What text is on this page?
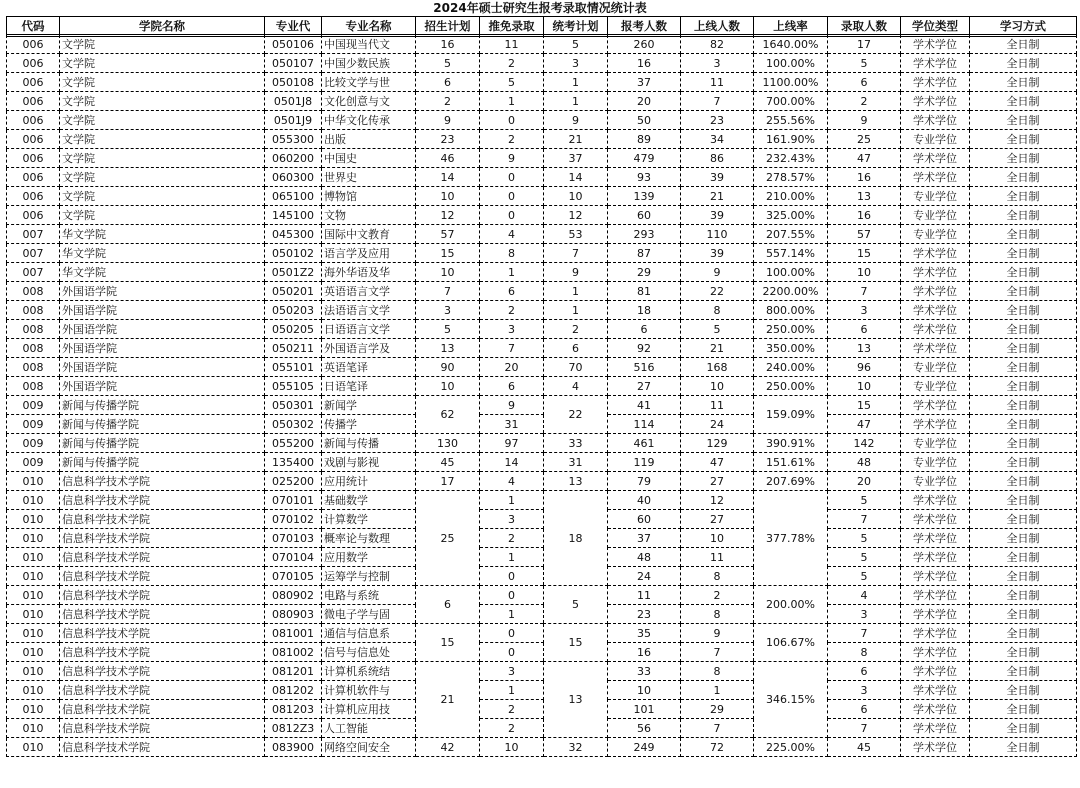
2024年硕士研究生报考录取情况统计表
代码	学院名称	专业代	专业名称	招生计划	推免录取	统考计划	报考人数	上线人数	上线率	录取人数	学位类型	学习方式
006	文学院	050106	中国现当代文	16	11	5	260	82	1640.00%	17	学术学位	全日制
006	文学院	050107	中国少数民族	5	2	3	16	3	100.00%	5	学术学位	全日制
006	文学院	050108	比较文学与世	6	5	1	37	11	1100.00%	6	学术学位	全日制
006	文学院	0501J8	文化创意与文	2	1	1	20	7	700.00%	2	学术学位	全日制
006	文学院	0501J9	中华文化传承	9	0	9	50	23	255.56%	9	学术学位	全日制
006	文学院	055300	出版	23	2	21	89	34	161.90%	25	专业学位	全日制
006	文学院	060200	中国史	46	9	37	479	86	232.43%	47	学术学位	全日制
006	文学院	060300	世界史	14	0	14	93	39	278.57%	16	学术学位	全日制
006	文学院	065100	博物馆	10	0	10	139	21	210.00%	13	专业学位	全日制
006	文学院	145100	文物	12	0	12	60	39	325.00%	16	专业学位	全日制
007	华文学院	045300	国际中文教育	57	4	53	293	110	207.55%	57	专业学位	全日制
007	华文学院	050102	语言学及应用	15	8	7	87	39	557.14%	15	学术学位	全日制
007	华文学院	0501Z2	海外华语及华	10	1	9	29	9	100.00%	10	学术学位	全日制
008	外国语学院	050201	英语语言文学	7	6	1	81	22	2200.00%	7	学术学位	全日制
008	外国语学院	050203	法语语言文学	3	2	1	18	8	800.00%	3	学术学位	全日制
008	外国语学院	050205	日语语言文学	5	3	2	6	5	250.00%	6	学术学位	全日制
008	外国语学院	050211	外国语言学及	13	7	6	92	21	350.00%	13	学术学位	全日制
008	外国语学院	055101	英语笔译	90	20	70	516	168	240.00%	96	专业学位	全日制
008	外国语学院	055105	日语笔译	10	6	4	27	10	250.00%	10	专业学位	全日制
009	新闻与传播学院	050301	新闻学	62	9	22	41	11	159.09%	15	学术学位	全日制
009	新闻与传播学院	050302	传播学		31		114	24		47	学术学位	全日制
009	新闻与传播学院	055200	新闻与传播	130	97	33	461	129	390.91%	142	专业学位	全日制
009	新闻与传播学院	135400	戏剧与影视	45	14	31	119	47	151.61%	48	专业学位	全日制
010	信息科学技术学院	025200	应用统计	17	4	13	79	27	207.69%	20	专业学位	全日制
010	信息科学技术学院	070101	基础数学	25	1	18	40	12	377.78%	5	学术学位	全日制
010	信息科学技术学院	070102	计算数学		3		60	27		7	学术学位	全日制
010	信息科学技术学院	070103	概率论与数理		2		37	10		5	学术学位	全日制
010	信息科学技术学院	070104	应用数学		1		48	11		5	学术学位	全日制
010	信息科学技术学院	070105	运筹学与控制		0		24	8		5	学术学位	全日制
010	信息科学技术学院	080902	电路与系统	6	0	5	11	2	200.00%	4	学术学位	全日制
010	信息科学技术学院	080903	微电子学与固		1		23	8		3	学术学位	全日制
010	信息科学技术学院	081001	通信与信息系	15	0	15	35	9	106.67%	7	学术学位	全日制
010	信息科学技术学院	081002	信号与信息处		0		16	7		8	学术学位	全日制
010	信息科学技术学院	081201	计算机系统结	21	3	13	33	8	346.15%	6	学术学位	全日制
010	信息科学技术学院	081202	计算机软件与		1		10	1		3	学术学位	全日制
010	信息科学技术学院	081203	计算机应用技		2		101	29		6	学术学位	全日制
010	信息科学技术学院	0812Z3	人工智能		2		56	7		7	学术学位	全日制
010	信息科学技术学院	083900	网络空间安全	42	10	32	249	72	225.00%	45	学术学位	全日制
